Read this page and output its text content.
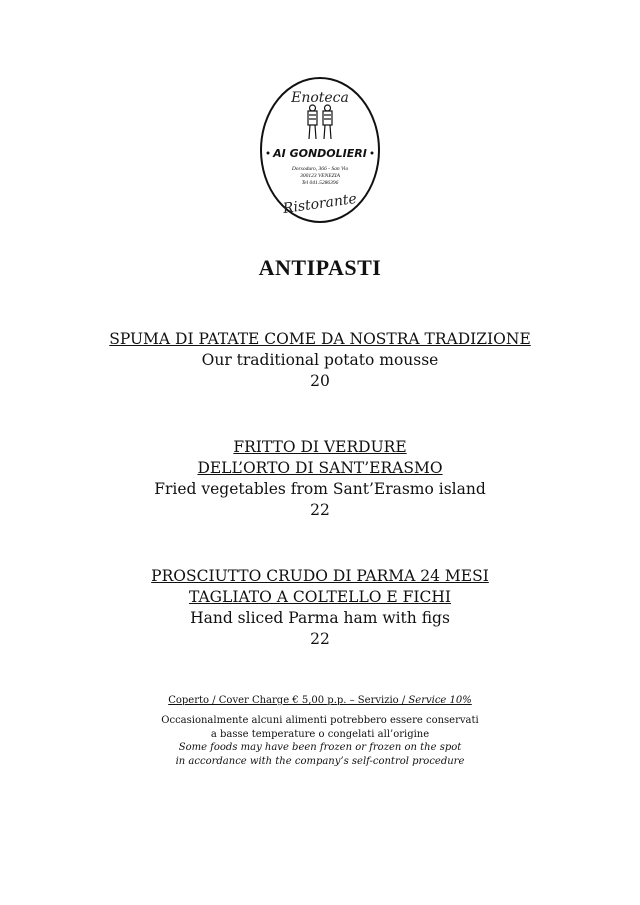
Enoteca
AI GONDOLIERI
Dorsoduro, 366 - San Vio
300123 VENEZIA
Tel 041.5286396
Ristorante
ANTIPASTI
SPUMA DI PATATE COME DA NOSTRA TRADIZIONE
Our traditional potato mousse
20
FRITTO DI VERDURE
DELL’ORTO DI SANT’ERASMO
Fried vegetables from Sant’Erasmo island
22
PROSCIUTTO CRUDO DI PARMA 24 MESI
TAGLIATO A COLTELLO E FICHI
Hand sliced Parma ham with figs
22
Coperto / Cover Charge € 5,00 p.p. – Servizio / Service 10%
Occasionalmente alcuni alimenti potrebbero essere conservati
a basse temperature o congelati all’origine
Some foods may have been frozen or frozen on the spot
in accordance with the company’s self-control procedure
